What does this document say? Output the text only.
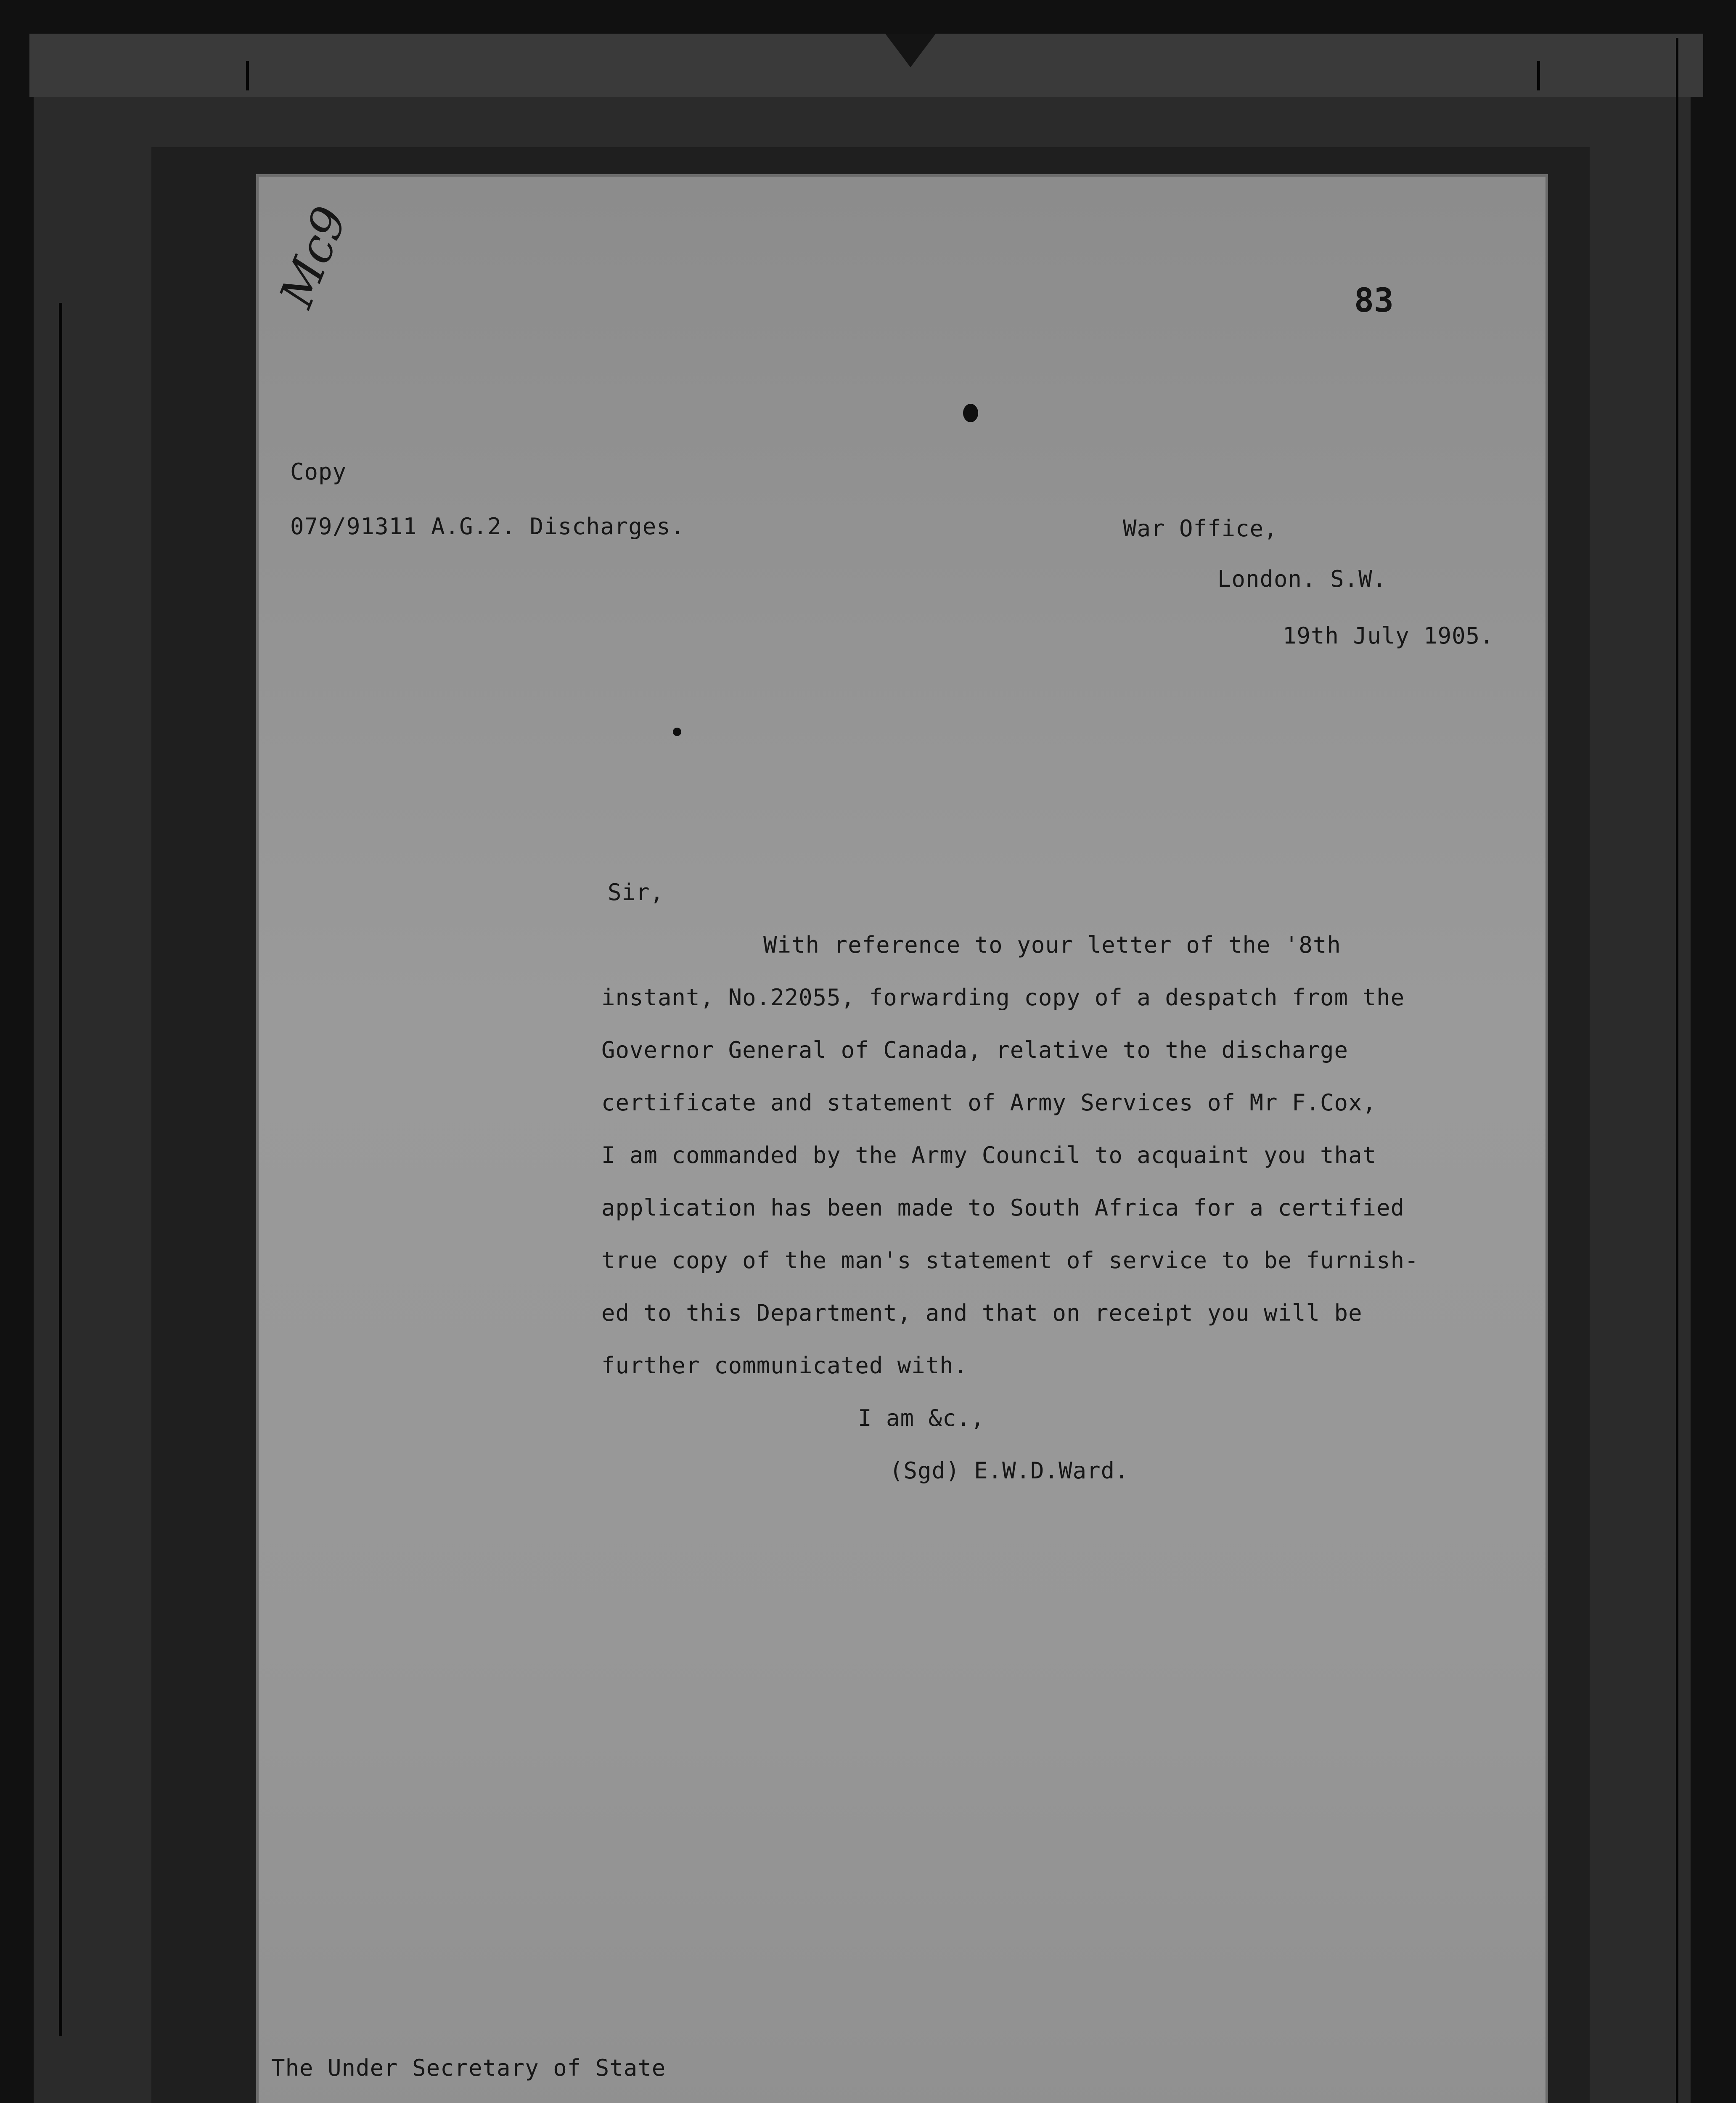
Mc9	83
Copy
079/91311 A.G.2. Discharges.	War Office,
London. S.W.
19th July 1905.
Sir,
With reference to your letter of the '8th
instant, No.22055, forwarding copy of a despatch from the
Governor General of Canada, relative to the discharge
certificate and statement of Army Services of Mr F.Cox,
I am commanded by the Army Council to acquaint you that
application has been made to South Africa for a certified
true copy of the man's statement of service to be furnish-
ed to this Department, and that on receipt you will be
further communicated with.
I am &c.,
(Sgd) E.W.D.Ward.
The Under Secretary of State
